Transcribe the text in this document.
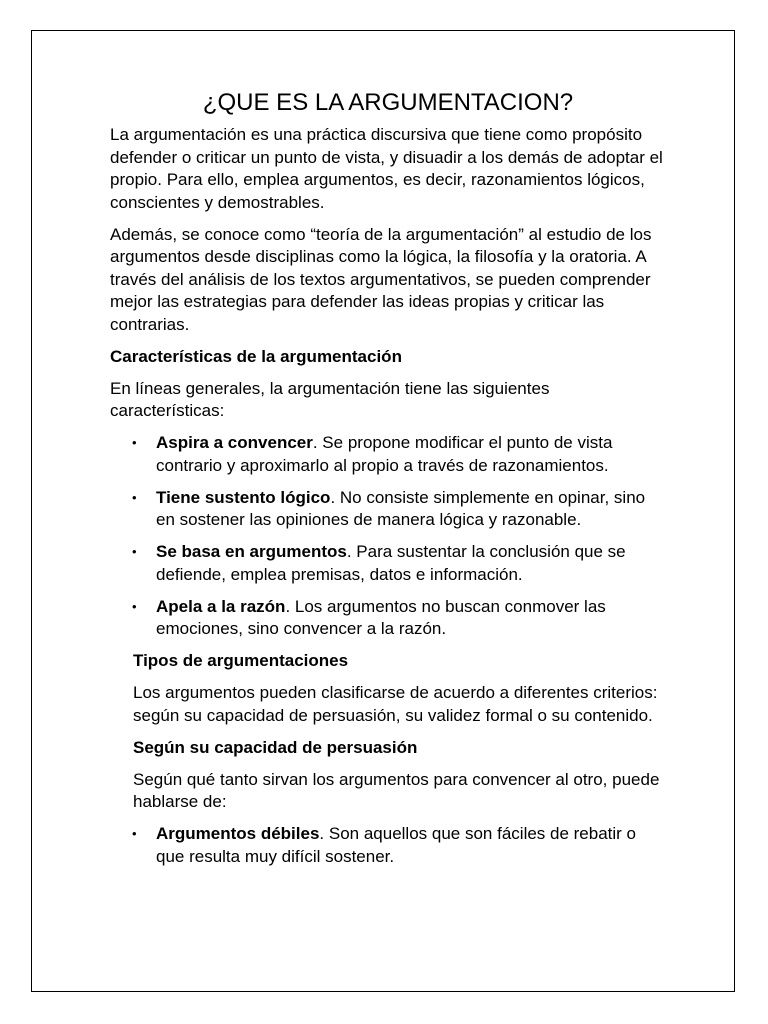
¿QUE ES LA ARGUMENTACION?

La argumentación es una práctica discursiva que tiene como propósito defender o criticar un punto de vista, y disuadir a los demás de adoptar el propio. Para ello, emplea argumentos, es decir, razonamientos lógicos, conscientes y demostrables.

Además, se conoce como “teoría de la argumentación” al estudio de los argumentos desde disciplinas como la lógica, la filosofía y la oratoria. A través del análisis de los textos argumentativos, se pueden comprender mejor las estrategias para defender las ideas propias y criticar las contrarias.

Características de la argumentación

En líneas generales, la argumentación tiene las siguientes características:

• Aspira a convencer. Se propone modificar el punto de vista contrario y aproximarlo al propio a través de razonamientos.
• Tiene sustento lógico. No consiste simplemente en opinar, sino en sostener las opiniones de manera lógica y razonable.
• Se basa en argumentos. Para sustentar la conclusión que se defiende, emplea premisas, datos e información.
• Apela a la razón. Los argumentos no buscan conmover las emociones, sino convencer a la razón.
Tipos de argumentaciones

Los argumentos pueden clasificarse de acuerdo a diferentes criterios: según su capacidad de persuasión, su validez formal o su contenido.

Según su capacidad de persuasión

Según qué tanto sirvan los argumentos para convencer al otro, puede hablarse de:

• Argumentos débiles. Son aquellos que son fáciles de rebatir o que resulta muy difícil sostener.
